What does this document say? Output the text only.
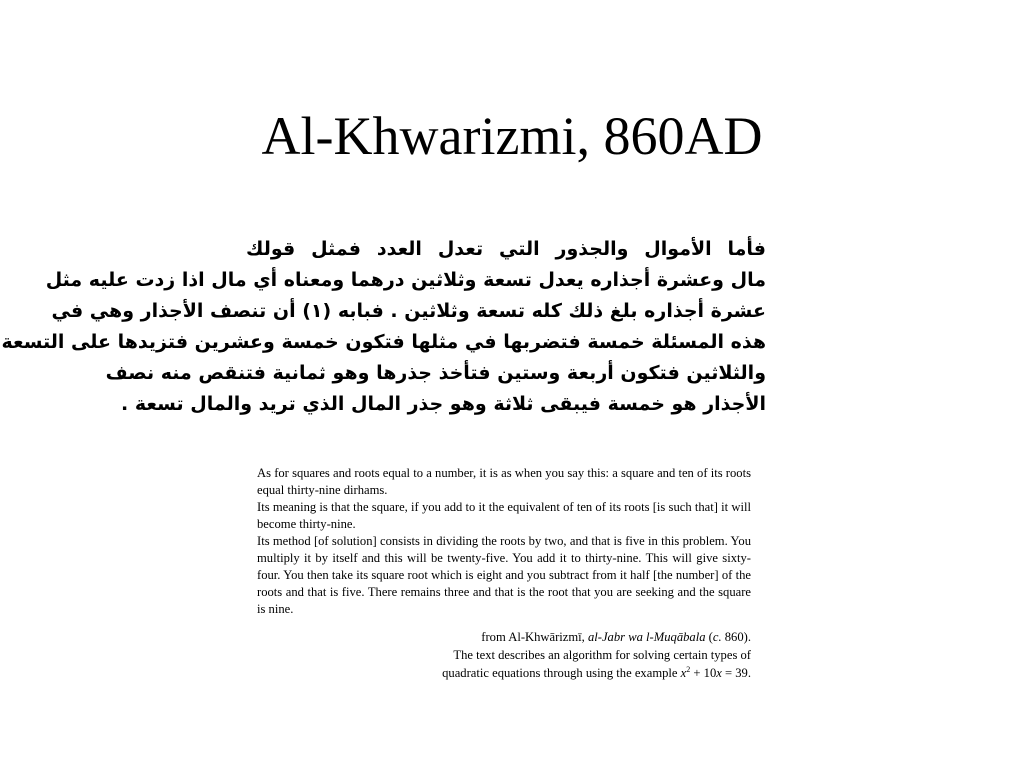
Al-Khwarizmi, 860AD
فأما الأموال والجذور التي تعدل العدد فمثل قولك
مال وعشرة أجذاره يعدل تسعة وثلاثين درهما ومعناه أي مال اذا زدت عليه مثل
عشرة أجذاره بلغ ذلك كله تسعة وثلاثين . فبابه (١) أن تنصف الأجذار وهي في
هذه المسئلة خمسة فتضربها في مثلها فتكون خمسة وعشرين فتزيدها على التسعة
والثلاثين فتكون أربعة وستين فتأخذ جذرها وهو ثمانية فتنقص منه نصف
الأجذار هو خمسة فيبقى ثلاثة وهو جذر المال الذي تريد والمال تسعة .

As for squares and roots equal to a number, it is as when you say this: a square and ten of its roots equal thirty-nine dirhams.

Its meaning is that the square, if you add to it the equivalent of ten of its roots [is such that] it will become thirty-nine.

Its method [of solution] consists in dividing the roots by two, and that is five in this problem. You multiply it by itself and this will be twenty-five. You add it to thirty-nine. This will give sixty-four. You then take its square root which is eight and you subtract from it half [the number] of the roots and that is five. There remains three and that is the root that you are seeking and the square is nine.

from Al-Khwārizmī, al-Jabr wa l-Muqābala (c. 860).
The text describes an algorithm for solving certain types of
quadratic equations through using the example $x^2 + 10x = 39$.
